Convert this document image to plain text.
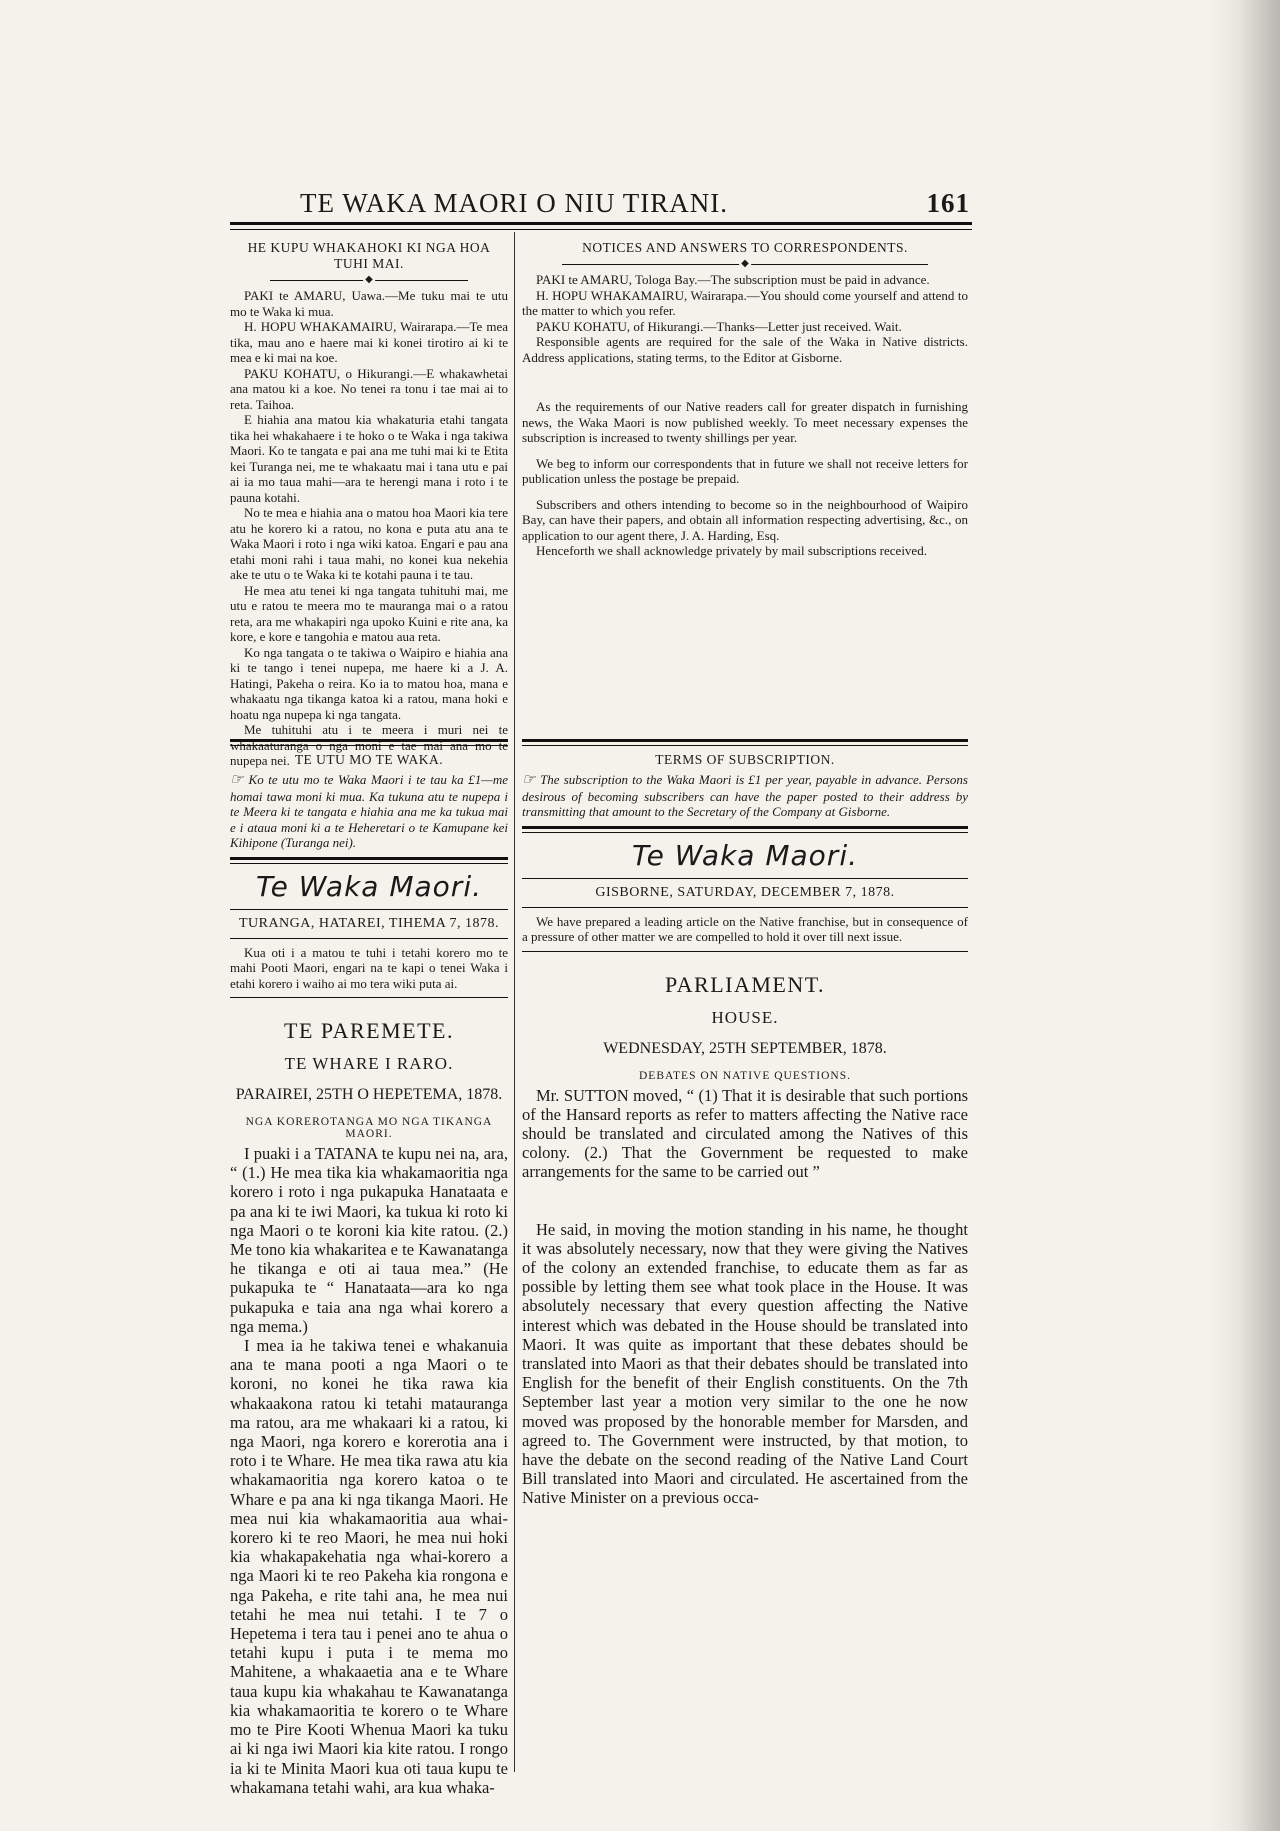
TE WAKA MAORI O NIU TIRANI.	161
HE KUPU WHAKAHOKI KI NGA HOA TUHI MAI.
◆

PAKI te AMARU, Uawa.—Me tuku mai te utu mo te Waka ki mua.

H. HOPU WHAKAMAIRU, Wairarapa.—Te mea tika, mau ano e haere mai ki konei tirotiro ai ki te mea e ki mai na koe.

PAKU KOHATU, o Hikurangi.—E whakawhetai ana matou ki a koe. No tenei ra tonu i tae mai ai to reta. Taihoa.

E hiahia ana matou kia whakaturia etahi tangata tika hei whakahaere i te hoko o te Waka i nga takiwa Maori. Ko te tangata e pai ana me tuhi mai ki te Etita kei Turanga nei, me te whakaatu mai i tana utu e pai ai ia mo taua mahi—ara te herengi mana i roto i te pauna kotahi.

No te mea e hiahia ana o matou hoa Maori kia tere atu he korero ki a ratou, no kona e puta atu ana te Waka Maori i roto i nga wiki katoa. Engari e pau ana etahi moni rahi i taua mahi, no konei kua nekehia ake te utu o te Waka ki te kotahi pauna i te tau.

He mea atu tenei ki nga tangata tuhituhi mai, me utu e ratou te meera mo te mauranga mai o a ratou reta, ara me whakapiri nga upoko Kuini e rite ana, ka kore, e kore e tangohia e matou aua reta.

Ko nga tangata o te takiwa o Waipiro e hiahia ana ki te tango i tenei nupepa, me haere ki a J. A. Hatingi, Pakeha o reira. Ko ia to matou hoa, mana e whakaatu nga tikanga katoa ki a ratou, mana hoki e hoatu nga nupepa ki nga tangata.

Me tuhituhi atu i te meera i muri nei te whakaaturanga o nga moni e tae mai ana mo te nupepa nei. TE UTU MO TE WAKA.
☞ Ko te utu mo te Waka Maori i te tau ka £1—me homai tawa moni ki mua. Ka tukuna atu te nupepa i te Meera ki te tangata e hiahia ana me ka tukua mai e i ataua moni ki a te Heheretari o te Kamupane kei Kihipone (Turanga nei).
Te Waka Maori.
TURANGA, HATAREI, TIHEMA 7, 1878.
Kua oti i a matou te tuhi i tetahi korero mo te mahi Pooti Maori, engari na te kapi o tenei Waka i etahi korero i waiho ai mo tera wiki puta ai.
TE PAREMETE.
TE WHARE I RARO.
PARAIREI, 25TH O HEPETEMA, 1878.
NGA KOREROTANGA MO NGA TIKANGA MAORI.

I puaki i a TATANA te kupu nei na, ara, “ (1.) He mea tika kia whakamaoritia nga korero i roto i nga pukapuka Hanataata e pa ana ki te iwi Maori, ka tukua ki roto ki nga Maori o te koroni kia kite ratou. (2.) Me tono kia whakaritea e te Kawanatanga he tikanga e oti ai taua mea.” (He pukapuka te “ Hanataata—ara ko nga pukapuka e taia ana nga whai korero a nga mema.)

I mea ia he takiwa tenei e whakanuia ana te mana pooti a nga Maori o te koroni, no konei he tika rawa kia whakaakona ratou ki tetahi matauranga ma ratou, ara me whakaari ki a ratou, ki nga Maori, nga korero e korerotia ana i roto i te Whare. He mea tika rawa atu kia whakamaoritia nga korero katoa o te Whare e pa ana ki nga tikanga Maori. He mea nui kia whakamaoritia aua whai-korero ki te reo Maori, he mea nui hoki kia whakapakehatia nga whai-korero a nga Maori ki te reo Pakeha kia rongona e nga Pakeha, e rite tahi ana, he mea nui tetahi he mea nui tetahi. I te 7 o Hepetema i tera tau i penei ano te ahua o tetahi kupu i puta i te mema mo Mahitene, a whakaaetia ana e te Whare taua kupu kia whakahau te Kawanatanga kia whakamaoritia te korero o te Whare mo te Pire Kooti Whenua Maori ka tuku ai ki nga iwi Maori kia kite ratou. I rongo ia ki te Minita Maori kua oti taua kupu te whakamana tetahi wahi, ara kua whaka-

NOTICES AND ANSWERS TO CORRESPONDENTS.
◆

PAKI te AMARU, Tologa Bay.—The subscription must be paid in advance.

H. HOPU WHAKAMAIRU, Wairarapa.—You should come yourself and attend to the matter to which you refer.

PAKU KOHATU, of Hikurangi.—Thanks—Letter just received. Wait.

Responsible agents are required for the sale of the Waka in Native districts. Address applications, stating terms, to the Editor at Gisborne.

As the requirements of our Native readers call for greater dispatch in furnishing news, the Waka Maori is now published weekly. To meet necessary expenses the subscription is increased to twenty shillings per year.

We beg to inform our correspondents that in future we shall not receive letters for publication unless the postage be prepaid.

Subscribers and others intending to become so in the neighbourhood of Waipiro Bay, can have their papers, and obtain all information respecting advertising, &c., on application to our agent there, J. A. Harding, Esq.

Henceforth we shall acknowledge privately by mail subscriptions received.

TERMS OF SUBSCRIPTION.
☞ The subscription to the Waka Maori is £1 per year, payable in advance. Persons desirous of becoming subscribers can have the paper posted to their address by transmitting that amount to the Secretary of the Company at Gisborne.
Te Waka Maori.
GISBORNE, SATURDAY, DECEMBER 7, 1878.
We have prepared a leading article on the Native franchise, but in consequence of a pressure of other matter we are compelled to hold it over till next issue.
PARLIAMENT.
HOUSE.
WEDNESDAY, 25TH SEPTEMBER, 1878.
DEBATES ON NATIVE QUESTIONS.

Mr. SUTTON moved, “ (1) That it is desirable that such portions of the Hansard reports as refer to matters affecting the Native race should be translated and circulated among the Natives of this colony. (2.) That the Government be requested to make arrangements for the same to be carried out ”

He said, in moving the motion standing in his name, he thought it was absolutely necessary, now that they were giving the Natives of the colony an extended franchise, to educate them as far as possible by letting them see what took place in the House. It was absolutely necessary that every question affecting the Native interest which was debated in the House should be translated into Maori. It was quite as important that these debates should be translated into Maori as that their debates should be translated into English for the benefit of their English constituents. On the 7th September last year a motion very similar to the one he now moved was proposed by the honorable member for Marsden, and agreed to. The Government were instructed, by that motion, to have the debate on the second reading of the Native Land Court Bill translated into Maori and circulated. He ascertained from the Native Minister on a previous occa-
